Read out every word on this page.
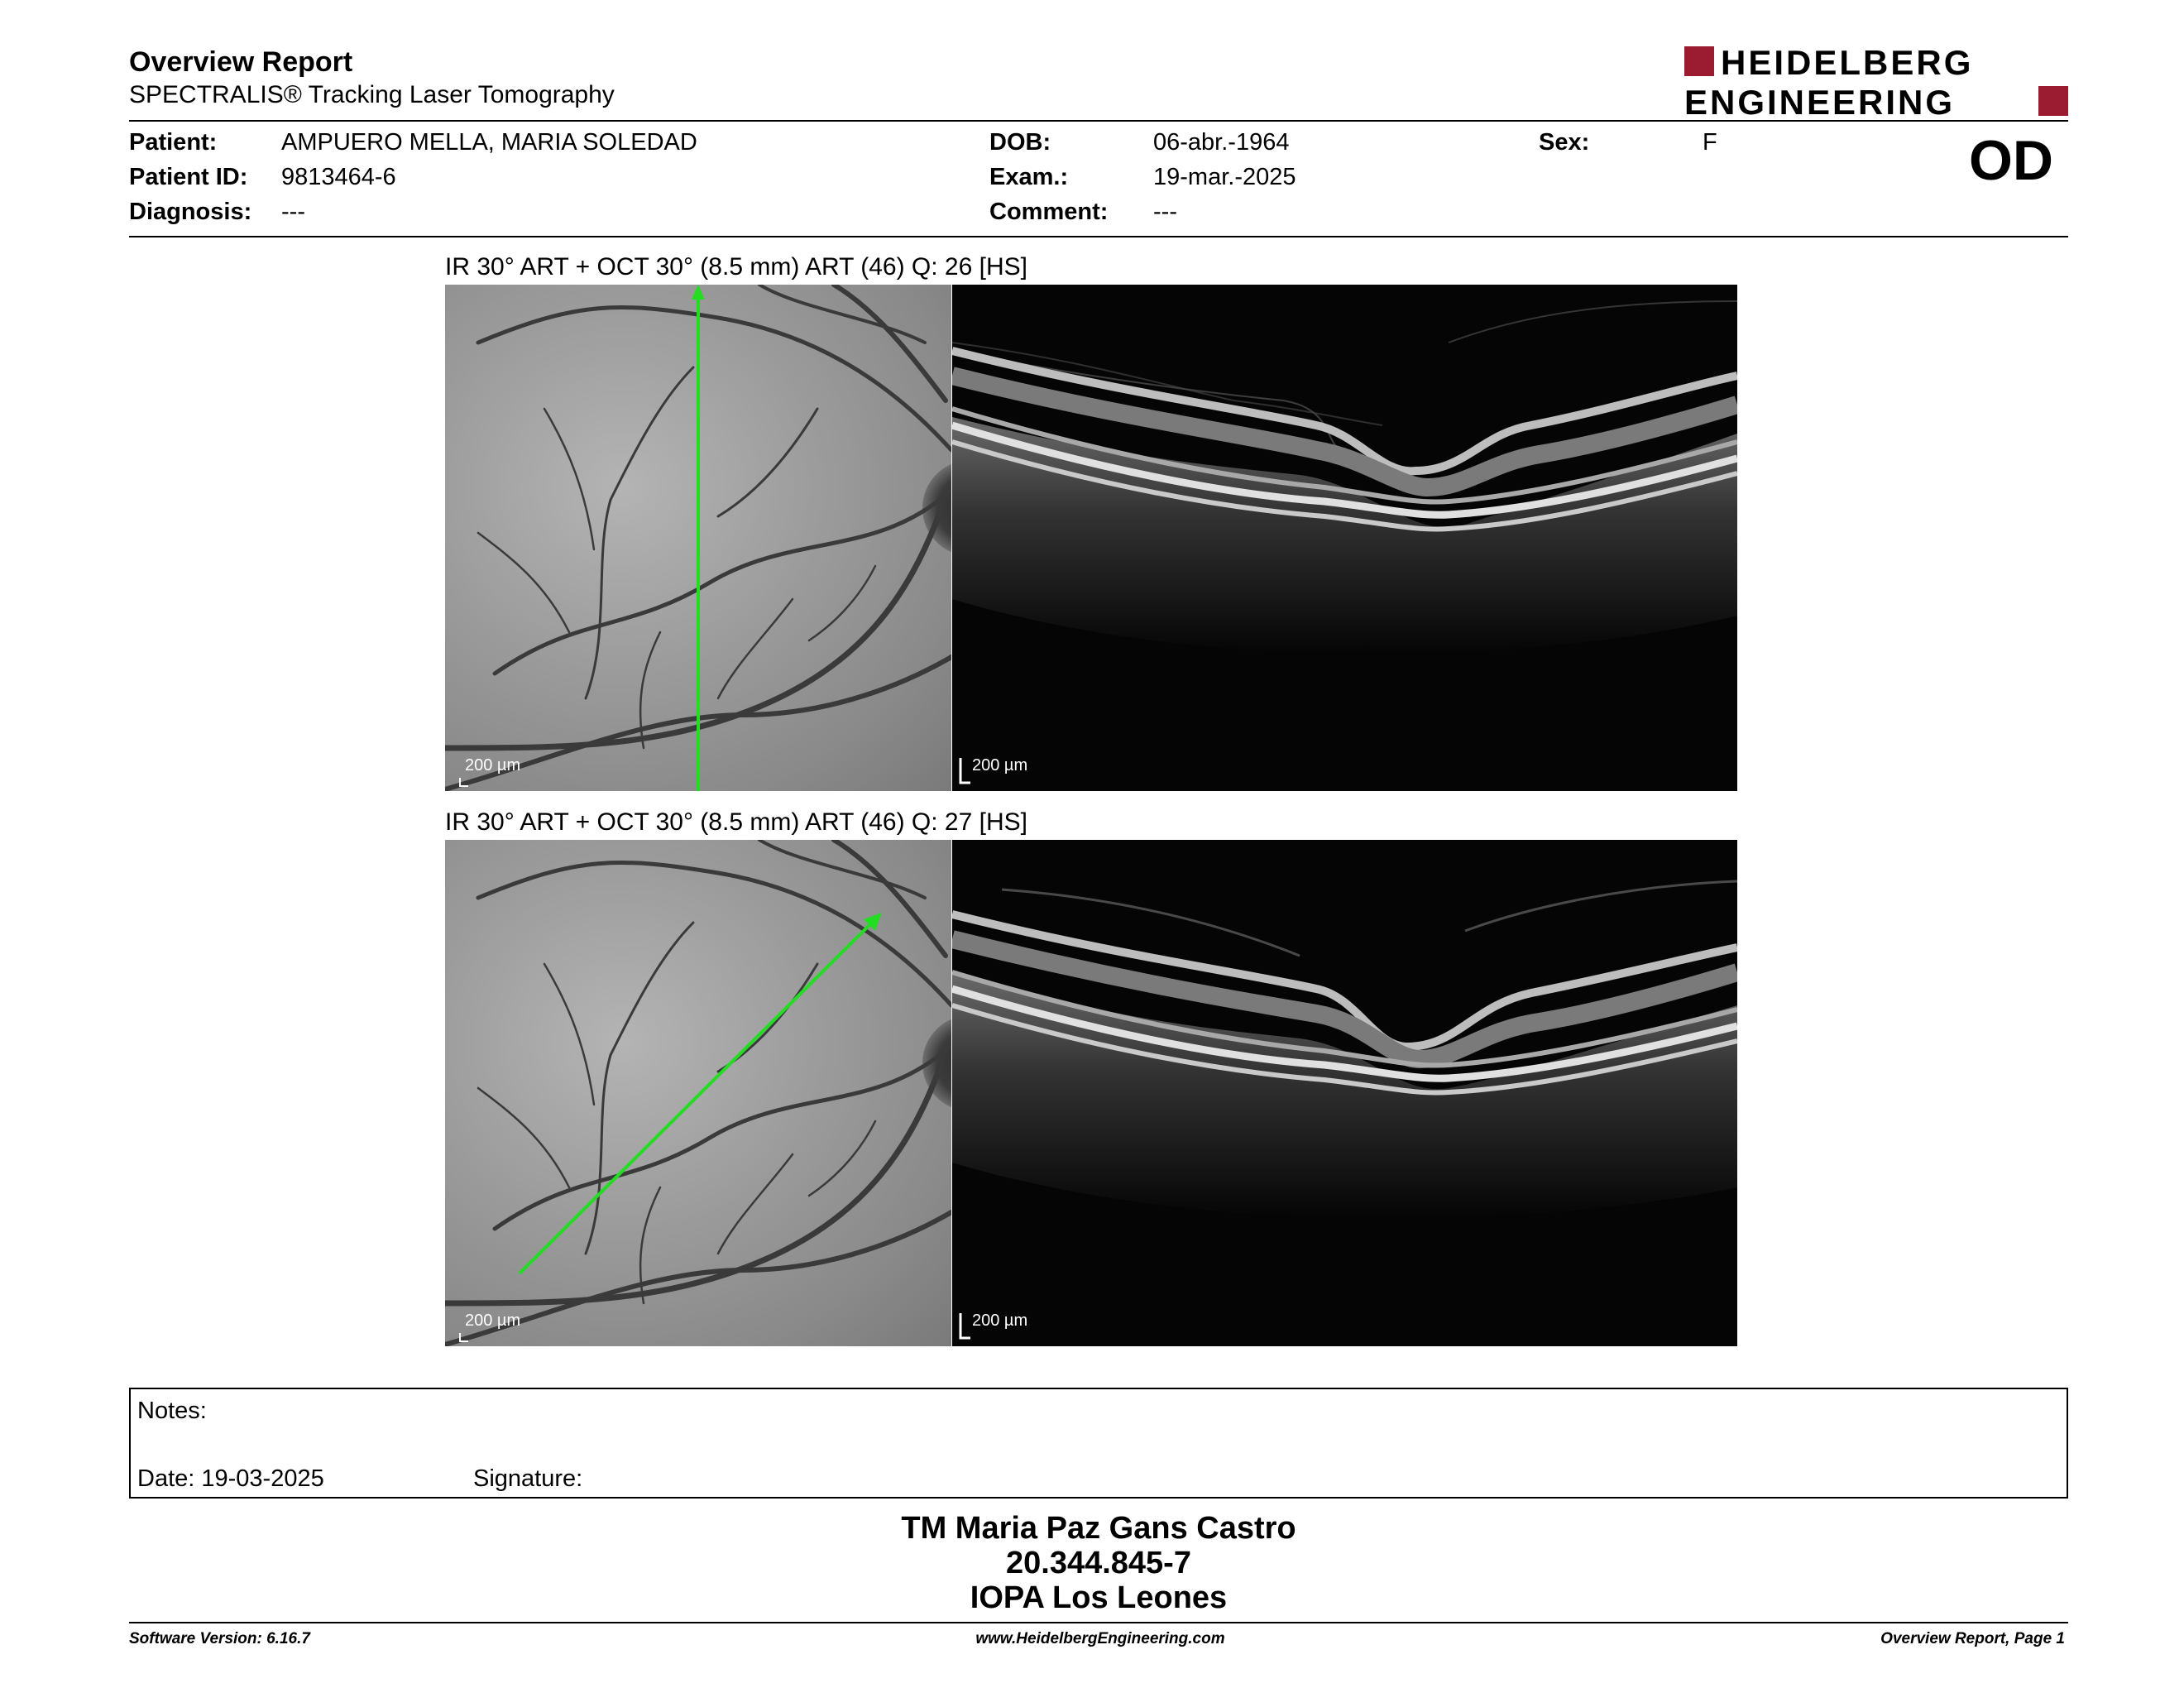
Overview Report
SPECTRALIS® Tracking Laser Tomography
HEIDELBERG
ENGINEERING
Patient:	AMPUERO MELLA, MARIA SOLEDAD
Patient ID: 9813464-6
Diagnosis: ---
DOB:	06-abr.-1964
Exam.:	19-mar.-2025
Comment: ---
Sex:	F	OD
IR 30° ART + OCT 30° (8.5 mm) ART (46) Q: 26 [HS]
200 µm	200 µm
IR 30° ART + OCT 30° (8.5 mm) ART (46) Q: 27 [HS]
200 µm	200 µm
Notes:
Date: 19-03-2025	Signature:
TM Maria Paz Gans Castro
20.344.845-7
IOPA Los Leones
Software Version: 6.16.7	www.HeidelbergEngineering.com	Overview Report, Page 1
